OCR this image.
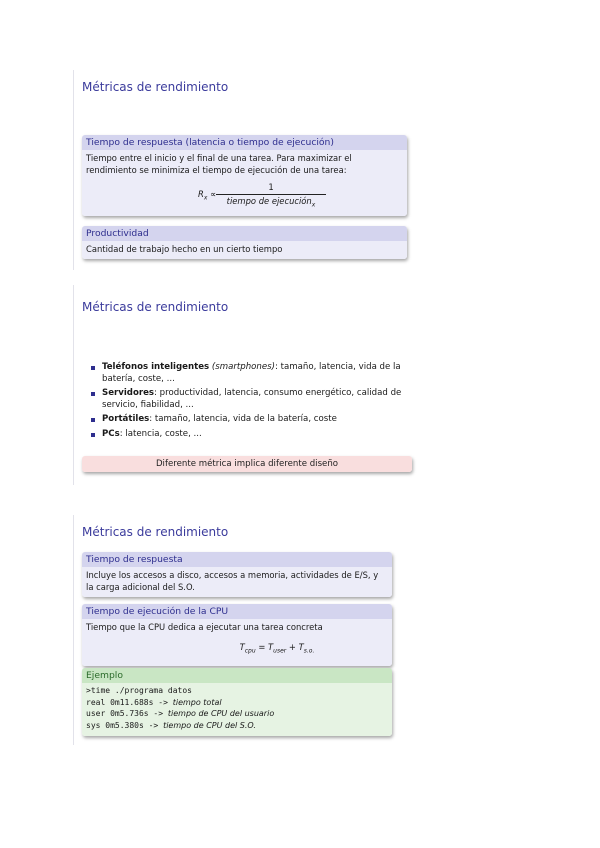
Métricas de rendimiento
Tiempo de respuesta (latencia o tiempo de ejecución)
Tiempo entre el inicio y el final de una tarea. Para maximizar el rendimiento se minimiza el tiempo de ejecución de una tarea:
$R_x$ ∝
1
tiempo de ejecución$_x$
Productividad
Cantidad de trabajo hecho en un cierto tiempo
Métricas de rendimiento
Teléfonos inteligentes (smartphones): tamaño, latencia, vida de la batería, coste, ...
Servidores: productividad, latencia, consumo energético, calidad de servicio, fiabilidad, ...
Portátiles: tamaño, latencia, vida de la batería, coste
PCs: latencia, coste, ...
Diferente métrica implica diferente diseño
Métricas de rendimiento
Tiempo de respuesta
Incluye los accesos a disco, accesos a memoria, actividades de E/S, y la carga adicional del S.O.
Tiempo de ejecución de la CPU
Tiempo que la CPU dedica a ejecutar una tarea concreta
$T_{cpu} = T_{user} + T_{s.o.}$
Ejemplo
>time ./programa datos
real 0m11.688s -> tiempo total
user 0m5.736s -> tiempo de CPU del usuario
sys 0m5.380s -> tiempo de CPU del S.O.
